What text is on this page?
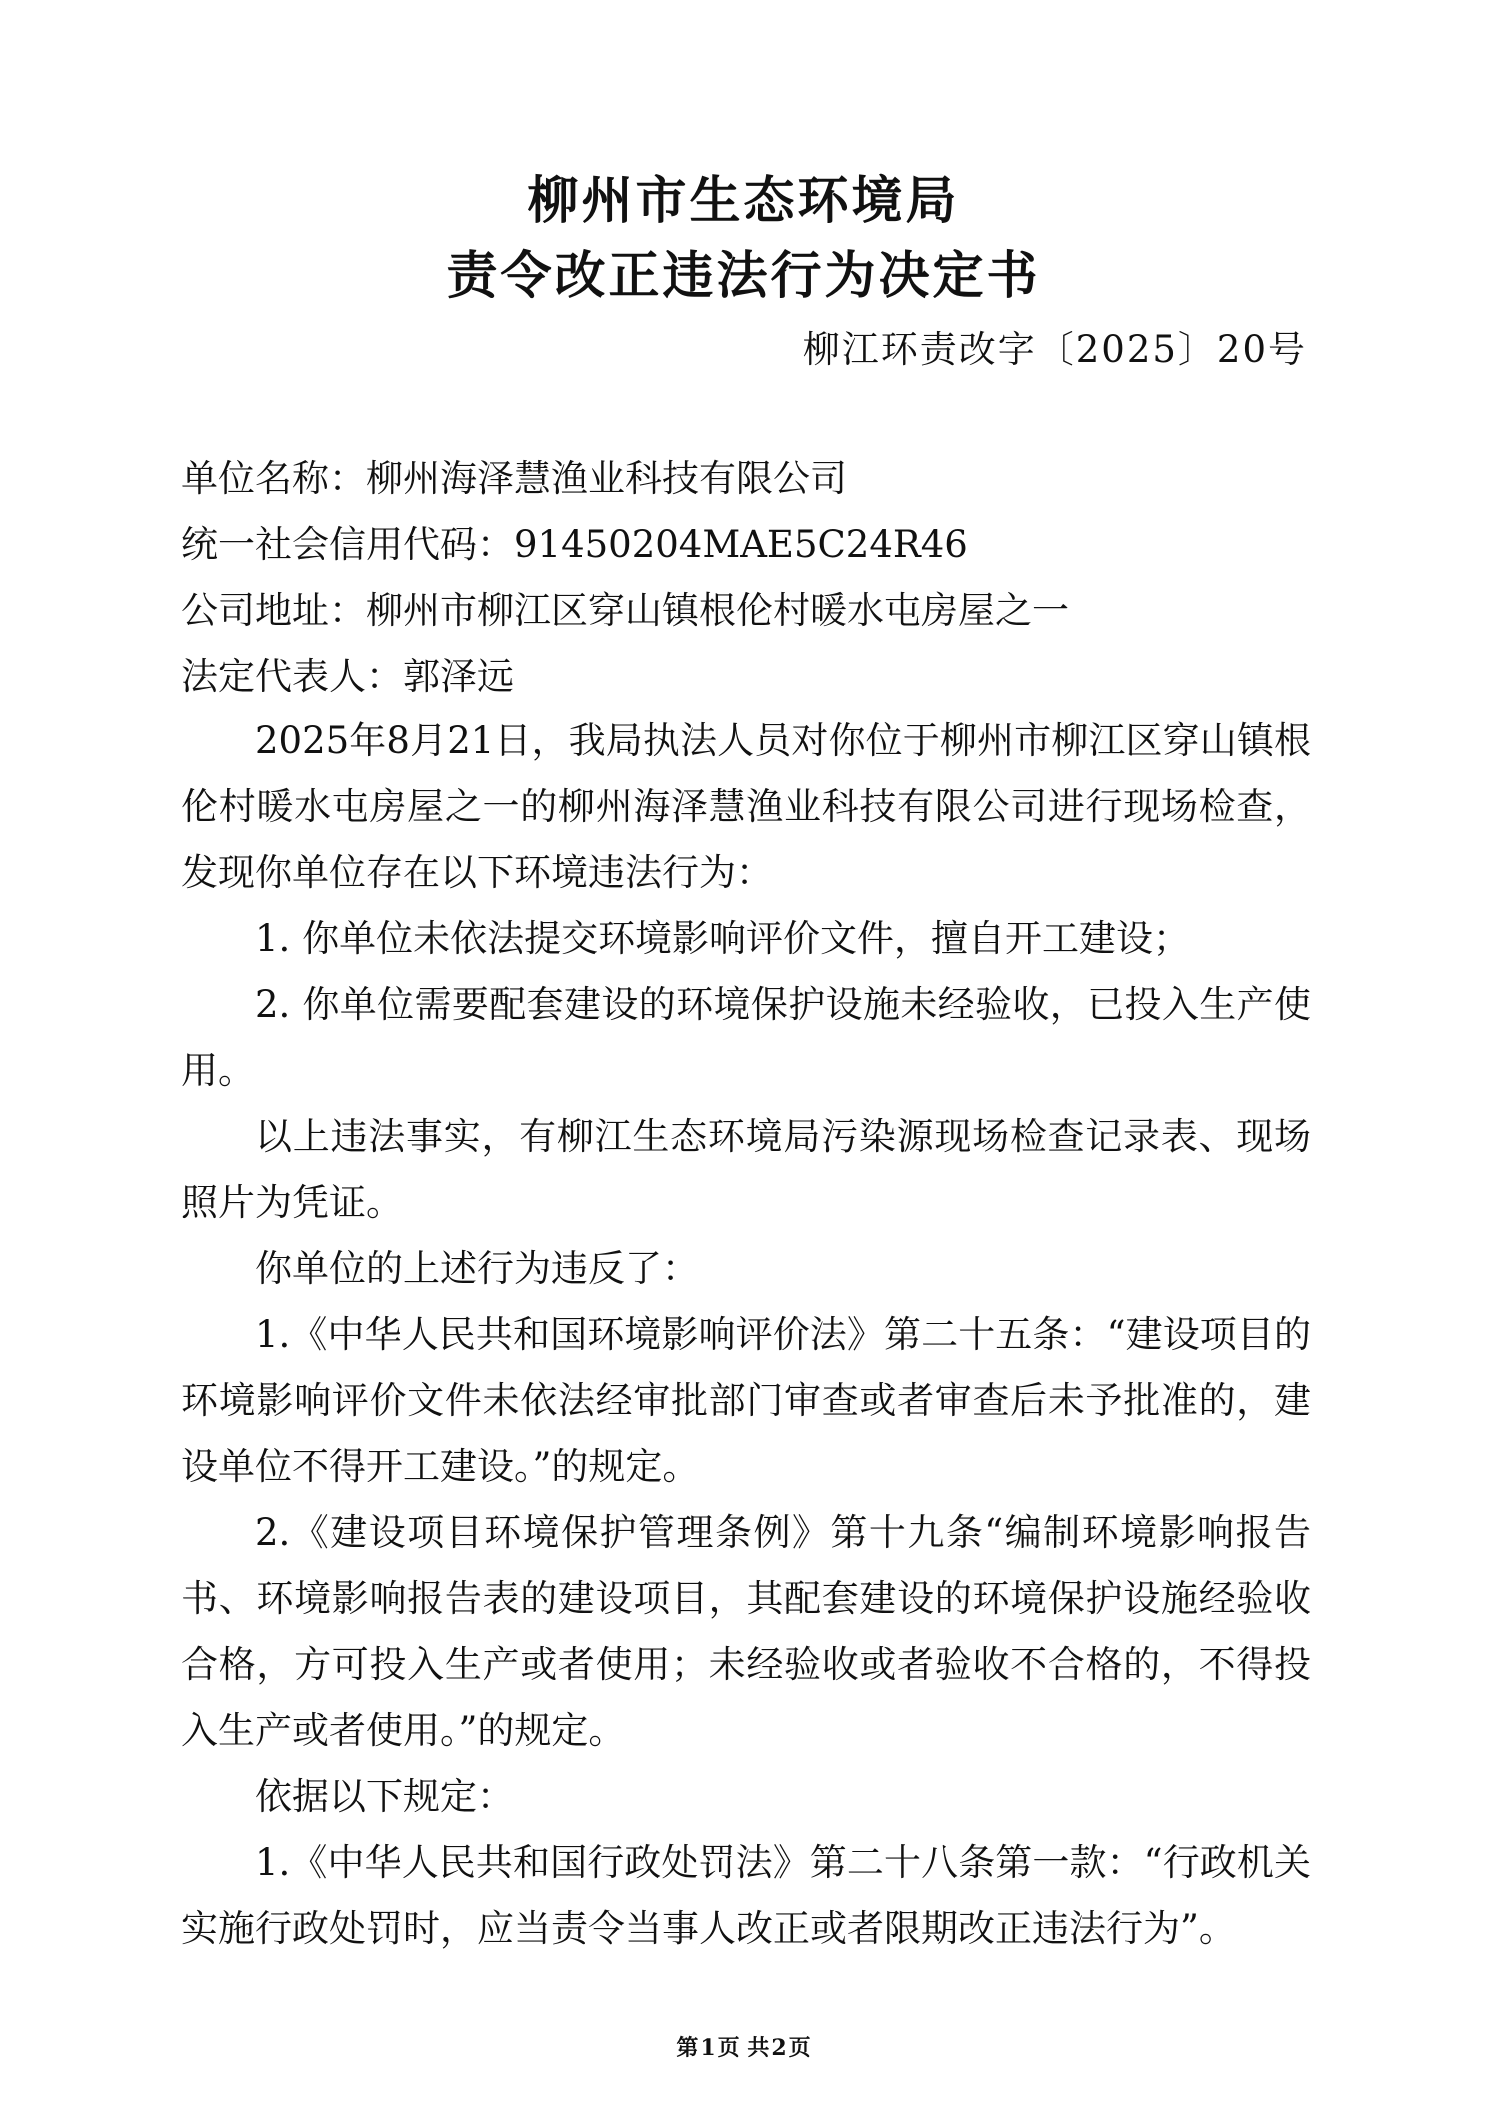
柳州市生态环境局
责令改正违法行为决定书
柳江环责改字〔2025〕20号
单位名称：柳州海泽慧渔业科技有限公司
统一社会信用代码：91450204MAE5C24R46
公司地址：柳州市柳江区穿山镇根伦村暖水屯房屋之一
法定代表人：郭泽远
2025年8月21日，我局执法人员对你位于柳州市柳江区穿山镇根伦村暖水屯房屋之一的柳州海泽慧渔业科技有限公司进行现场检查，发现你单位存在以下环境违法行为：
1. 你单位未依法提交环境影响评价文件，擅自开工建设；
2. 你单位需要配套建设的环境保护设施未经验收，已投入生产使用。
以上违法事实，有柳江生态环境局污染源现场检查记录表、现场照片为凭证。
你单位的上述行为违反了：
1.《中华人民共和国环境影响评价法》第二十五条：“建设项目的环境影响评价文件未依法经审批部门审查或者审查后未予批准的，建设单位不得开工建设。”的规定。
2.《建设项目环境保护管理条例》第十九条“编制环境影响报告书、环境影响报告表的建设项目，其配套建设的环境保护设施经验收合格，方可投入生产或者使用；未经验收或者验收不合格的，不得投入生产或者使用。”的规定。
依据以下规定：
1.《中华人民共和国行政处罚法》第二十八条第一款：“行政机关实施行政处罚时，应当责令当事人改正或者限期改正违法行为”。
第1页 共2页
